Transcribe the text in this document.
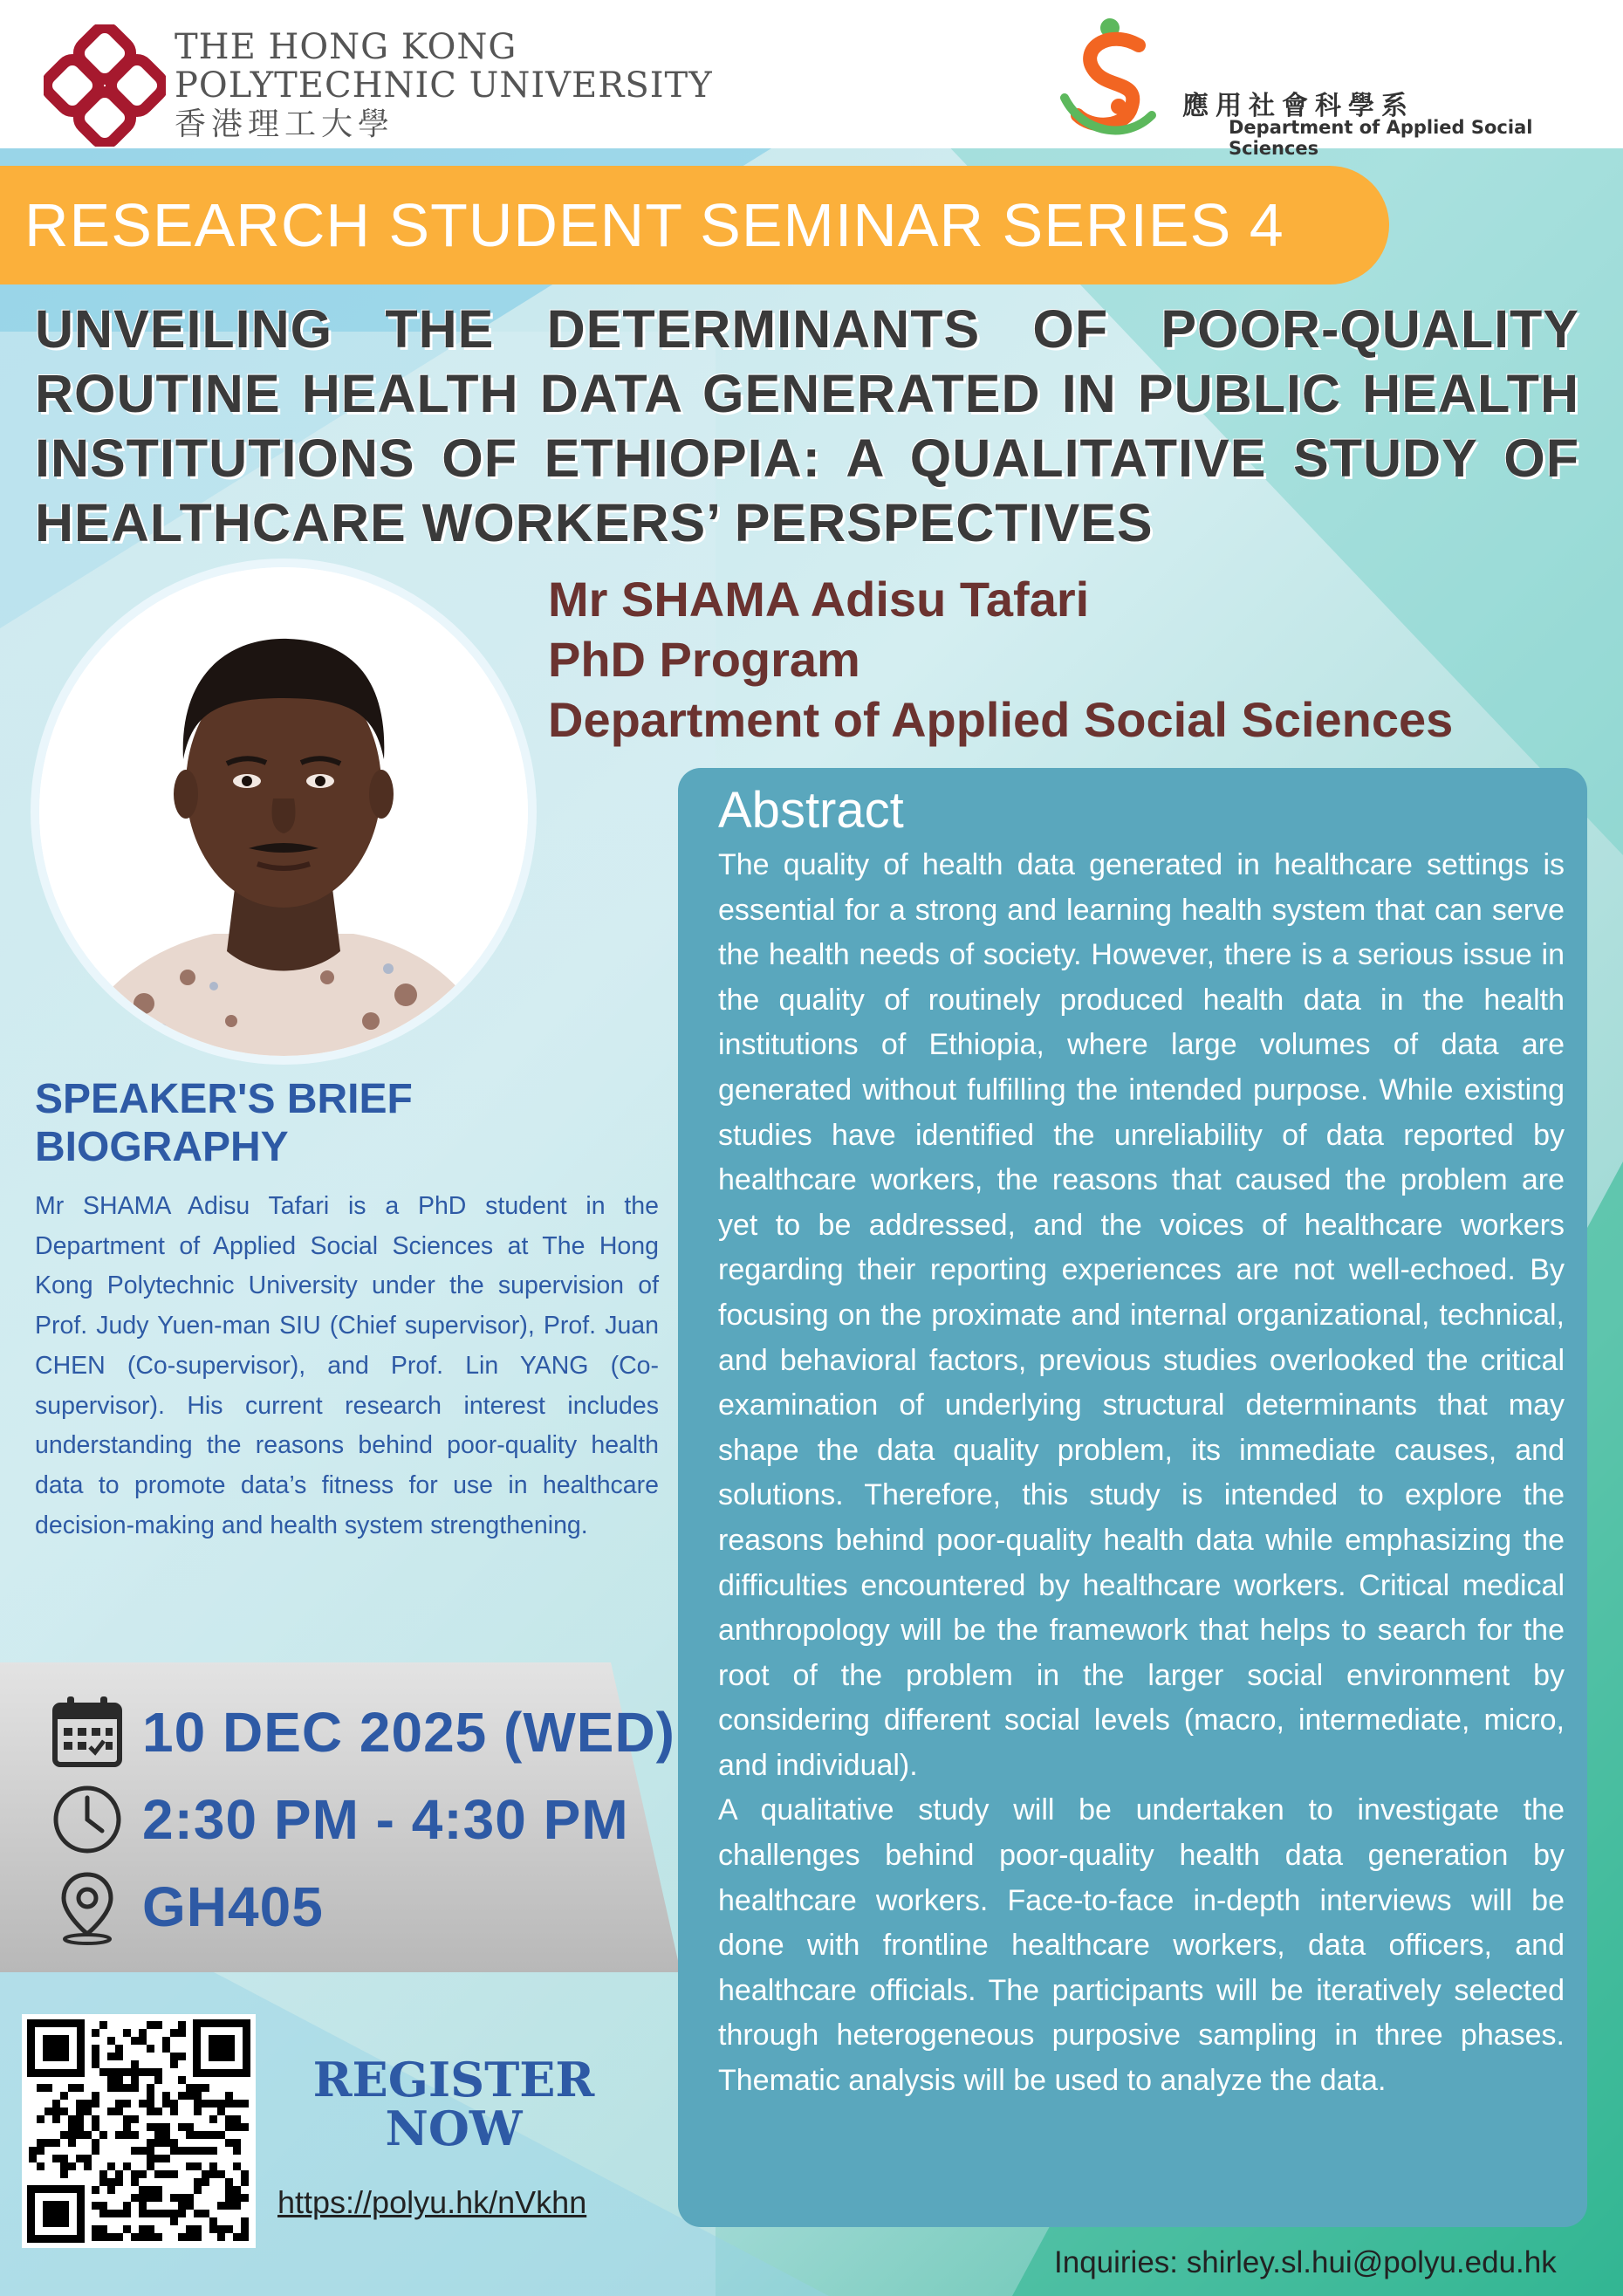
THE HONG KONG
POLYTECHNIC UNIVERSITY
香港理工大學
應用社會科學系
Department of Applied Social Sciences
RESEARCH STUDENT SEMINAR SERIES 4
UNVEILING THE DETERMINANTS OF POOR-QUALITY ROUTINE HEALTH DATA GENERATED IN PUBLIC HEALTH INSTITUTIONS OF ETHIOPIA: A QUALITATIVE STUDY OF HEALTHCARE WORKERS’ PERSPECTIVES
Mr SHAMA Adisu Tafari
PhD Program
Department of Applied Social Sciences
SPEAKER'S BRIEF BIOGRAPHY
Mr SHAMA Adisu Tafari is a PhD student in the Department of Applied Social Sciences at The Hong Kong Polytechnic University under the supervision of Prof. Judy Yuen-man SIU (Chief supervisor), Prof. Juan CHEN (Co-supervisor), and Prof. Lin YANG (Co-supervisor). His current research interest includes understanding the reasons behind poor-quality health data to promote data’s fitness for use in healthcare decision-making and health system strengthening.
10 DEC 2025 (WED)
2:30 PM - 4:30 PM
GH405
REGISTER
NOW
https://polyu.hk/nVkhn
Abstract

The quality of health data generated in healthcare settings is essential for a strong and learning health system that can serve the health needs of society. However, there is a serious issue in the quality of routinely produced health data in the health institutions of Ethiopia, where large volumes of data are generated without fulfilling the intended purpose. While existing studies have identified the unreliability of data reported by healthcare workers, the reasons that caused the problem are yet to be addressed, and the voices of healthcare workers regarding their reporting experiences are not well-echoed. By focusing on the proximate and internal organizational, technical, and behavioral factors, previous studies overlooked the critical examination of underlying structural determinants that may shape the data quality problem, its immediate causes, and solutions. Therefore, this study is intended to explore the reasons behind poor-quality health data while emphasizing the difficulties encountered by healthcare workers. Critical medical anthropology will be the framework that helps to search for the root of the problem in the larger social environment by considering different social levels (macro, intermediate, micro, and individual).

A qualitative study will be undertaken to investigate the challenges behind poor-quality health data generation by healthcare workers. Face-to-face in-depth interviews will be done with frontline healthcare workers, data officers, and healthcare officials. The participants will be iteratively selected through heterogeneous purposive sampling in three phases. Thematic analysis will be used to analyze the data.

Inquiries: shirley.sl.hui@polyu.edu.hk
